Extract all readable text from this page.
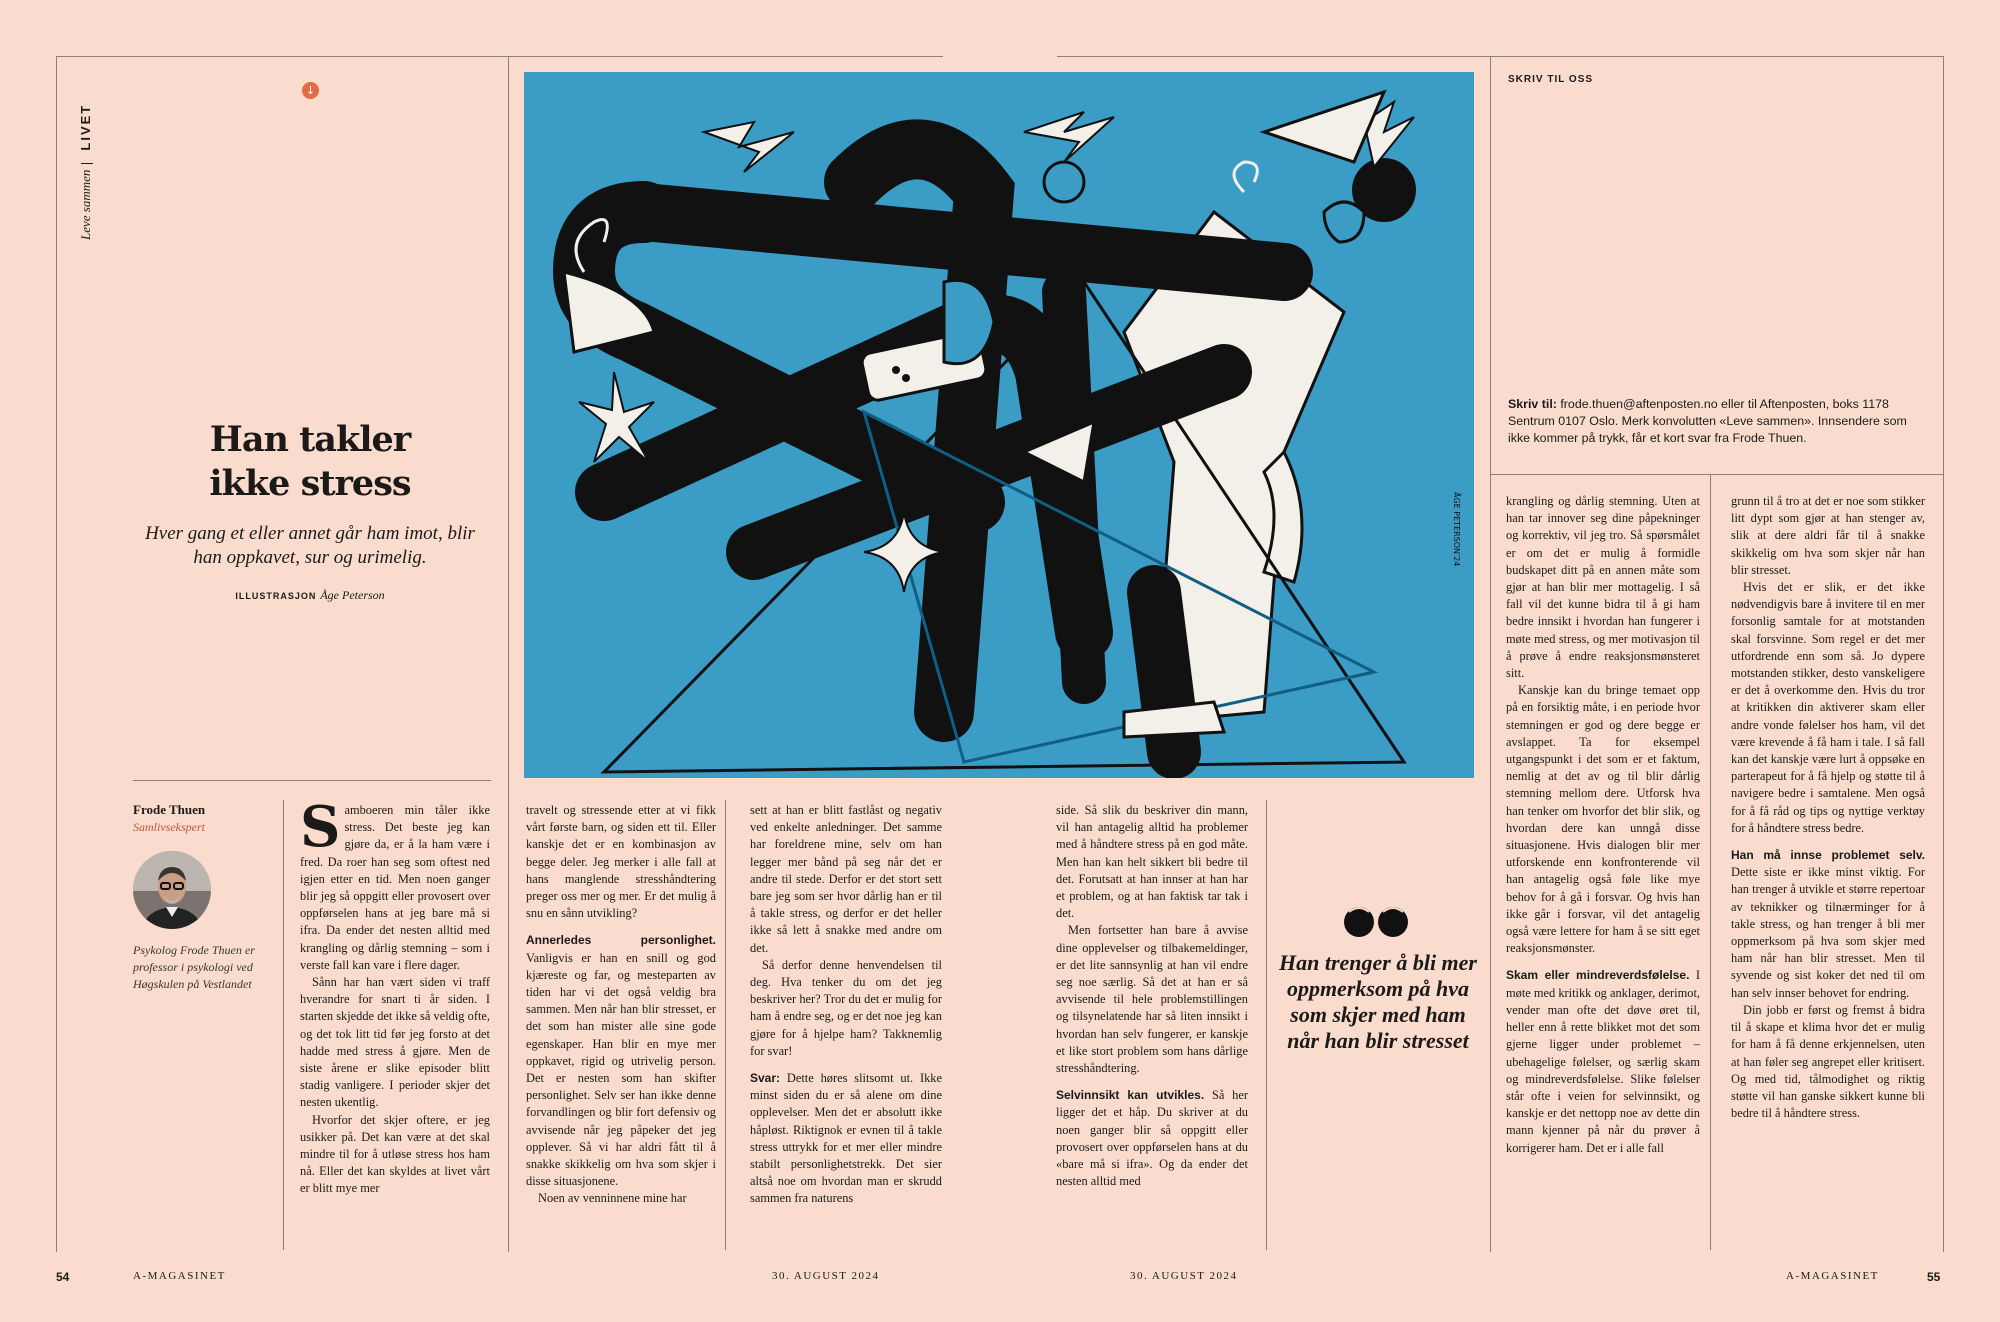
Leve sammenLIVET
↓
Han takler
ikke stress
Hver gang et eller annet går ham imot, blir han oppkavet, sur og urimelig.
ILLUSTRASJON Åge Peterson
Frode Thuen
Samlivsekspert
Psykolog Frode Thuen er professor i psykologi ved Høgskulen på Vestlandet
ÅGE PETERSON'24
S amboeren min tåler ikke stress. Det beste jeg kan gjøre da, er å la ham være i fred. Da roer han seg som oftest ned igjen etter en tid. Men noen ganger blir jeg så oppgitt eller provosert over oppførselen hans at jeg bare må si ifra. Da ender det nesten alltid med krangling og dårlig stemning – som i verste fall kan vare i flere dager.

Sånn har han vært siden vi traff hverandre for snart ti år siden. I starten skjedde det ikke så veldig ofte, og det tok litt tid før jeg forsto at det hadde med stress å gjøre. Men de siste årene er slike episoder blitt stadig vanligere. I perioder skjer det nesten ukentlig.

Hvorfor det skjer oftere, er jeg usikker på. Det kan være at det skal mindre til for å utløse stress hos ham nå. Eller det kan skyldes at livet vårt er blitt mye mer

travelt og stressende etter at vi fikk vårt første barn, og siden ett til. Eller kanskje det er en kombinasjon av begge deler. Jeg merker i alle fall at hans manglende stresshåndtering preger oss mer og mer. Er det mulig å snu en sånn utvikling?

Annerledes personlighet. Vanligvis er han en snill og god kjæreste og far, og mesteparten av tiden har vi det også veldig bra sammen. Men når han blir stresset, er det som han mister alle sine gode egenskaper. Han blir en mye mer oppkavet, rigid og utrivelig person. Det er nesten som han skifter personlighet. Selv ser han ikke denne forvandlingen og blir fort defensiv og avvisende når jeg påpeker det jeg opplever. Så vi har aldri fått til å snakke skikkelig om hva som skjer i disse situasjonene.

Noen av venninnene mine har

sett at han er blitt fastlåst og negativ ved enkelte anledninger. Det samme har foreldrene mine, selv om han legger mer bånd på seg når det er andre til stede. Derfor er det stort sett bare jeg som ser hvor dårlig han er til å takle stress, og derfor er det heller ikke så lett å snakke med andre om det.

Så derfor denne henvendelsen til deg. Hva tenker du om det jeg beskriver her? Tror du det er mulig for ham å endre seg, og er det noe jeg kan gjøre for å hjelpe ham? Takknemlig for svar!

Svar: Dette høres slitsomt ut. Ikke minst siden du er så alene om dine opplevelser. Men det er absolutt ikke håpløst. Riktignok er evnen til å takle stress uttrykk for et mer eller mindre stabilt personlighetstrekk. Det sier altså noe om hvordan man er skrudd sammen fra naturens

side. Så slik du beskriver din mann, vil han antagelig alltid ha problemer med å håndtere stress på en god måte. Men han kan helt sikkert bli bedre til det. Forutsatt at han innser at han har et problem, og at han faktisk tar tak i det.

Men fortsetter han bare å avvise dine opplevelser og tilbakemeldinger, er det lite sannsynlig at han vil endre seg noe særlig. Så det at han er så avvisende til hele problemstillingen og tilsynelatende har så liten innsikt i hvordan han selv fungerer, er kanskje et like stort problem som hans dårlige stresshåndtering.

Selvinnsikt kan utvikles. Så her ligger det et håp. Du skriver at du noen ganger blir så oppgitt eller provosert over oppførselen hans at du «bare må si ifra». Og da ender det nesten alltid med

Han trenger å bli mer oppmerksom på hva som skjer med ham når han blir stresset
SKRIV TIL OSS
Skriv til: frode.thuen@aftenposten.no eller til Aftenposten, boks 1178 Sentrum 0107 Oslo. Merk konvolutten «Leve sammen». Innsendere som ikke kommer på trykk, får et kort svar fra Frode Thuen.

krangling og dårlig stemning. Uten at han tar innover seg dine påpekninger og korrektiv, vil jeg tro. Så spørsmålet er om det er mulig å formidle budskapet ditt på en annen måte som gjør at han blir mer mottagelig. I så fall vil det kunne bidra til å gi ham bedre innsikt i hvordan han fungerer i møte med stress, og mer motivasjon til å prøve å endre reaksjonsmønsteret sitt.

Kanskje kan du bringe temaet opp på en forsiktig måte, i en periode hvor stemningen er god og dere begge er avslappet. Ta for eksempel utgangspunkt i det som er et faktum, nemlig at det av og til blir dårlig stemning mellom dere. Utforsk hva han tenker om hvorfor det blir slik, og hvordan dere kan unngå disse situasjonene. Hvis dialogen blir mer utforskende enn konfronterende vil han antagelig også føle like mye behov for å gå i forsvar. Og hvis han ikke går i forsvar, vil det antagelig også være lettere for ham å se sitt eget reaksjonsmønster.

Skam eller mindreverdsfølelse. I møte med kritikk og anklager, derimot, vender man ofte det døve øret til, heller enn å rette blikket mot det som gjerne ligger under problemet – ubehagelige følelser, og særlig skam og mindreverdsfølelse. Slike følelser står ofte i veien for selvinnsikt, og kanskje er det nettopp noe av dette din mann kjenner på når du prøver å korrigerer ham. Det er i alle fall

grunn til å tro at det er noe som stikker litt dypt som gjør at han stenger av, slik at dere aldri får til å snakke skikkelig om hva som skjer når han blir stresset.

Hvis det er slik, er det ikke nødvendigvis bare å invitere til en mer forsonlig samtale for at motstanden skal forsvinne. Som regel er det mer utfordrende enn som så. Jo dypere motstanden stikker, desto vanskeligere er det å overkomme den. Hvis du tror at kritikken din aktiverer skam eller andre vonde følelser hos ham, vil det være krevende å få ham i tale. I så fall kan det kanskje være lurt å oppsøke en parterapeut for å få hjelp og støtte til å navigere bedre i samtalene. Men også for å få råd og tips og nyttige verktøy for å håndtere stress bedre.

Han må innse problemet selv. Dette siste er ikke minst viktig. For han trenger å utvikle et større repertoar av teknikker og tilnærminger for å takle stress, og han trenger å bli mer oppmerksom på hva som skjer med ham når han blir stresset. Men til syvende og sist koker det ned til om han selv innser behovet for endring.

Din jobb er først og fremst å bidra til å skape et klima hvor det er mulig for ham å få denne erkjennelsen, uten at han føler seg angrepet eller kritisert. Og med tid, tålmodighet og riktig støtte vil han ganske sikkert kunne bli bedre til å håndtere stress.

54	A-MAGASINET	30. AUGUST 2024	30. AUGUST 2024	A-MAGASINET	55
